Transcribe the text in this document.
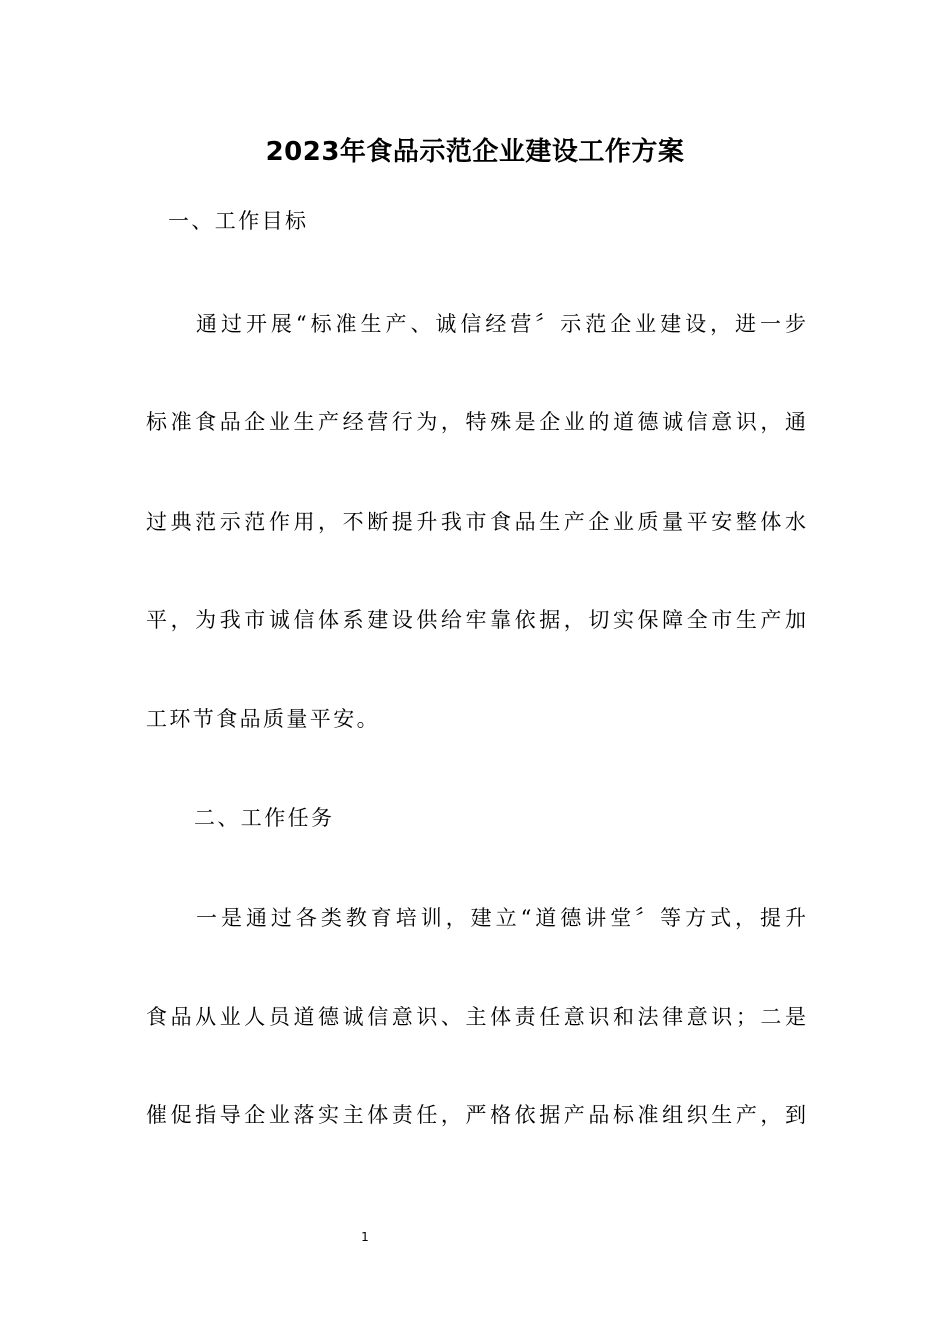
2023年食品示范企业建设工作方案
一、工作目标
通过开展“标准生产、诚信经营〞示范企业建设，进一步
标准食品企业生产经营行为，特殊是企业的道德诚信意识，通
过典范示范作用，不断提升我市食品生产企业质量平安整体水
平，为我市诚信体系建设供给牢靠依据，切实保障全市生产加
工环节食品质量平安。
二、工作任务
一是通过各类教育培训，建立“道德讲堂〞等方式，提升
食品从业人员道德诚信意识、主体责任意识和法律意识；二是
催促指导企业落实主体责任，严格依据产品标准组织生产，到
1
